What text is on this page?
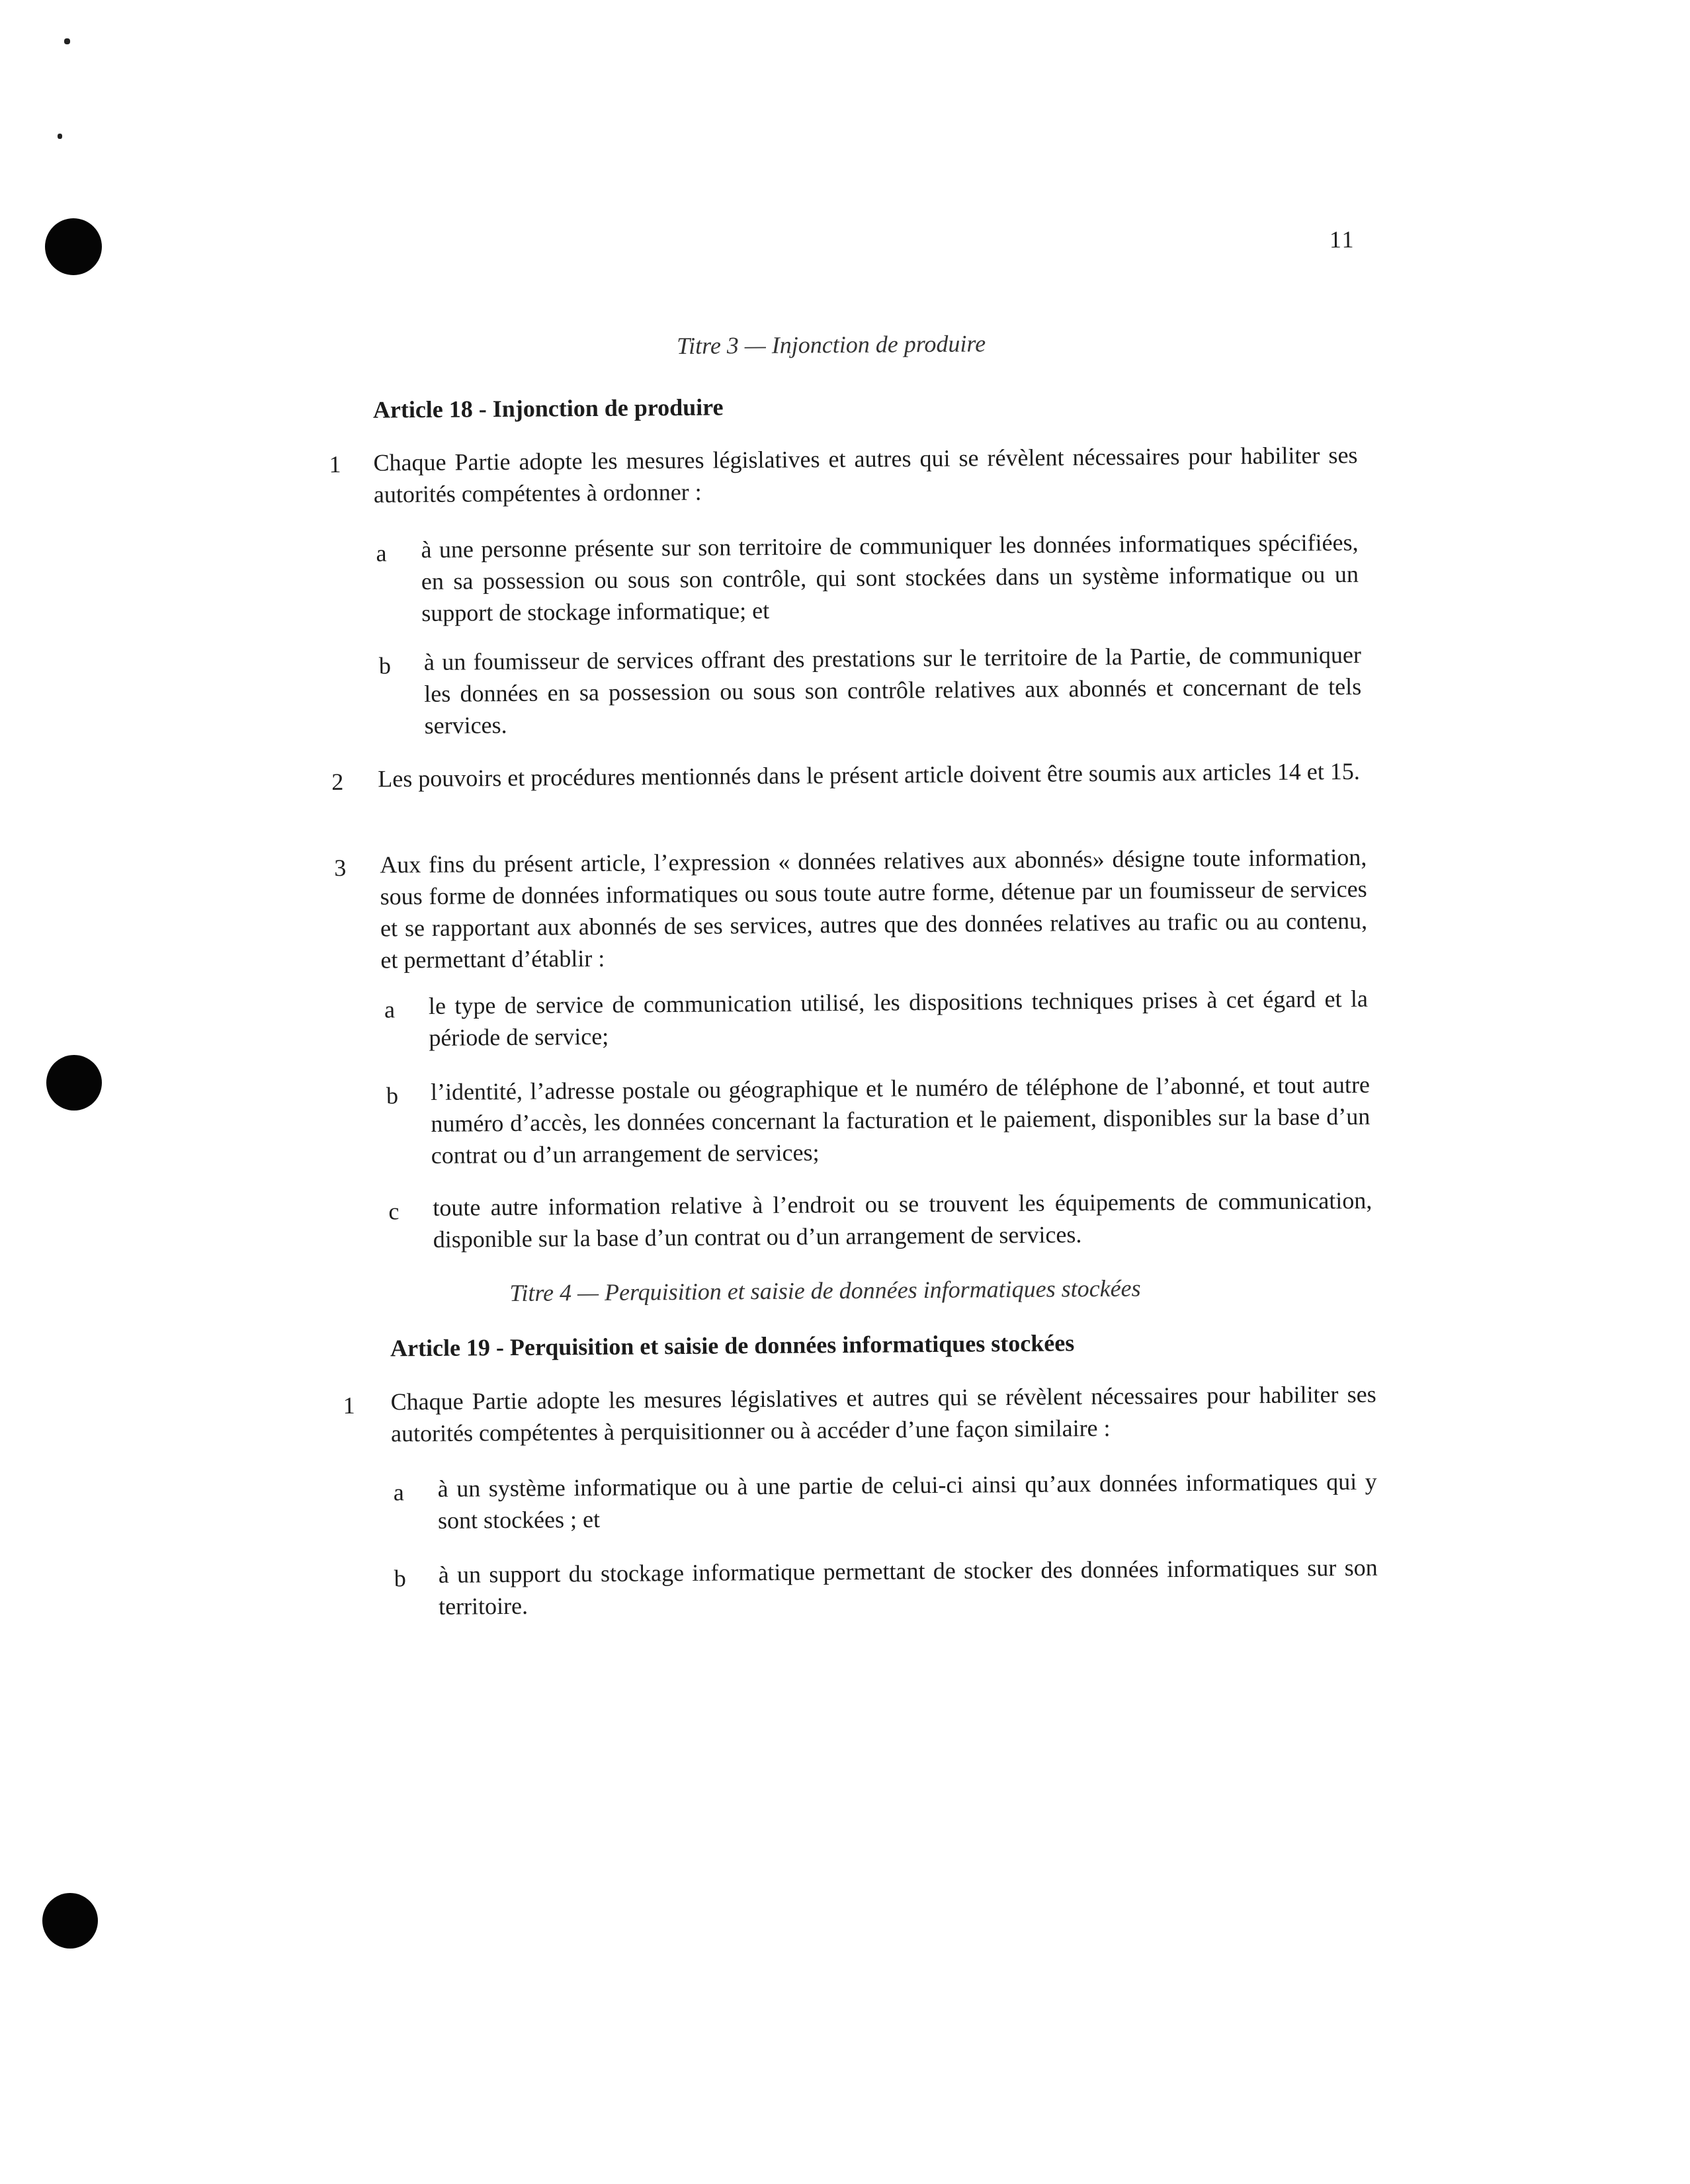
11
Titre 3 — Injonction de produire
Article 18 - Injonction de produire
1 Chaque Partie adopte les mesures législatives et autres qui se révèlent nécessaires pour habiliter ses autorités compétentes à ordonner :
a à une personne présente sur son territoire de communiquer les données informatiques spécifiées, en sa possession ou sous son contrôle, qui sont stockées dans un système informatique ou un support de stockage informatique; et
b à un foumisseur de services offrant des prestations sur le territoire de la Partie, de communiquer les données en sa possession ou sous son contrôle relatives aux abonnés et concernant de tels services.
2 Les pouvoirs et procédures mentionnés dans le présent article doivent être soumis aux articles 14 et 15.
3 Aux fins du présent article, l’expression « données relatives aux abonnés» désigne toute information, sous forme de données informatiques ou sous toute autre forme, détenue par un foumisseur de services et se rapportant aux abonnés de ses services, autres que des données relatives au trafic ou au contenu, et permettant d’établir :
a le type de service de communication utilisé, les dispositions techniques prises à cet égard et la période de service;
b l’identité, l’adresse postale ou géographique et le numéro de téléphone de l’abonné, et tout autre numéro d’accès, les données concernant la facturation et le paiement, disponibles sur la base d’un contrat ou d’un arrangement de services;
c toute autre information relative à l’endroit ou se trouvent les équipements de communication, disponible sur la base d’un contrat ou d’un arrangement de services.
Titre 4 — Perquisition et saisie de données informatiques stockées
Article 19 - Perquisition et saisie de données informatiques stockées
1 Chaque Partie adopte les mesures législatives et autres qui se révèlent nécessaires pour habiliter ses autorités compétentes à perquisitionner ou à accéder d’une façon similaire :
a à un système informatique ou à une partie de celui-ci ainsi qu’aux données informatiques qui y sont stockées ; et
b à un support du stockage informatique permettant de stocker des données informatiques sur son territoire.
